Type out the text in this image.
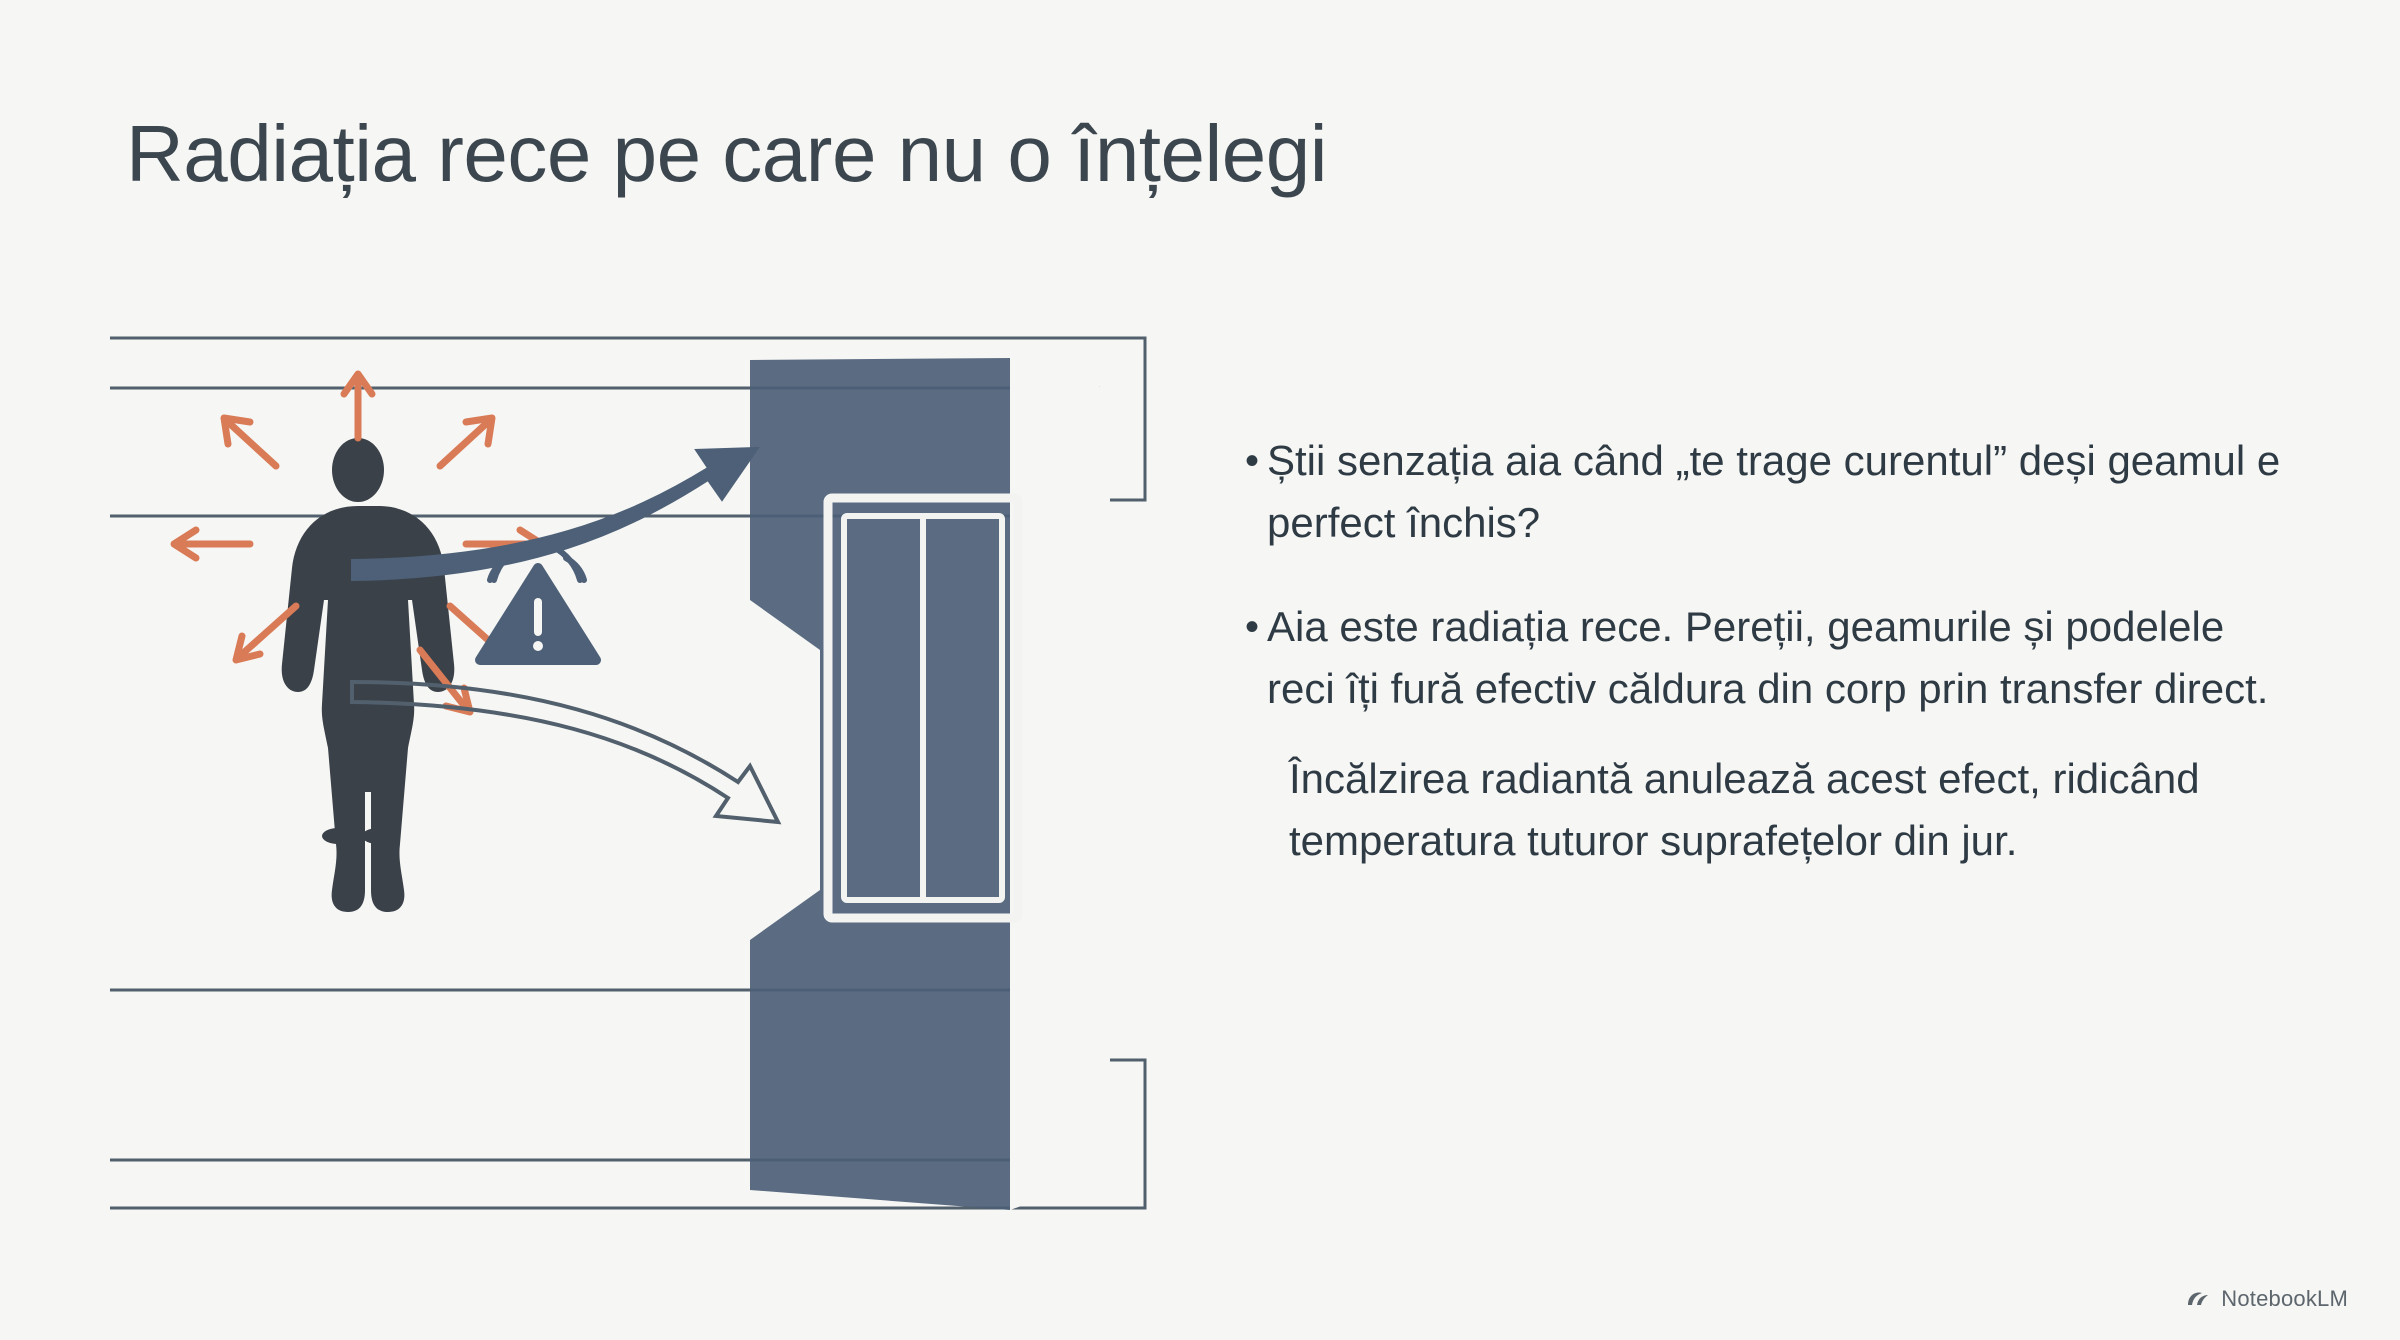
Radiația rece pe care nu o înțelegi
• Știi senzația aia când „te trage curentul” deși geamul e perfect închis?
• Aia este radiația rece. Pereții, geamurile și podelele reci îți fură efectiv căldura din corp prin transfer direct.
Încălzirea radiantă anulează acest efect, ridicând temperatura tuturor suprafețelor din jur.
NotebookLM
